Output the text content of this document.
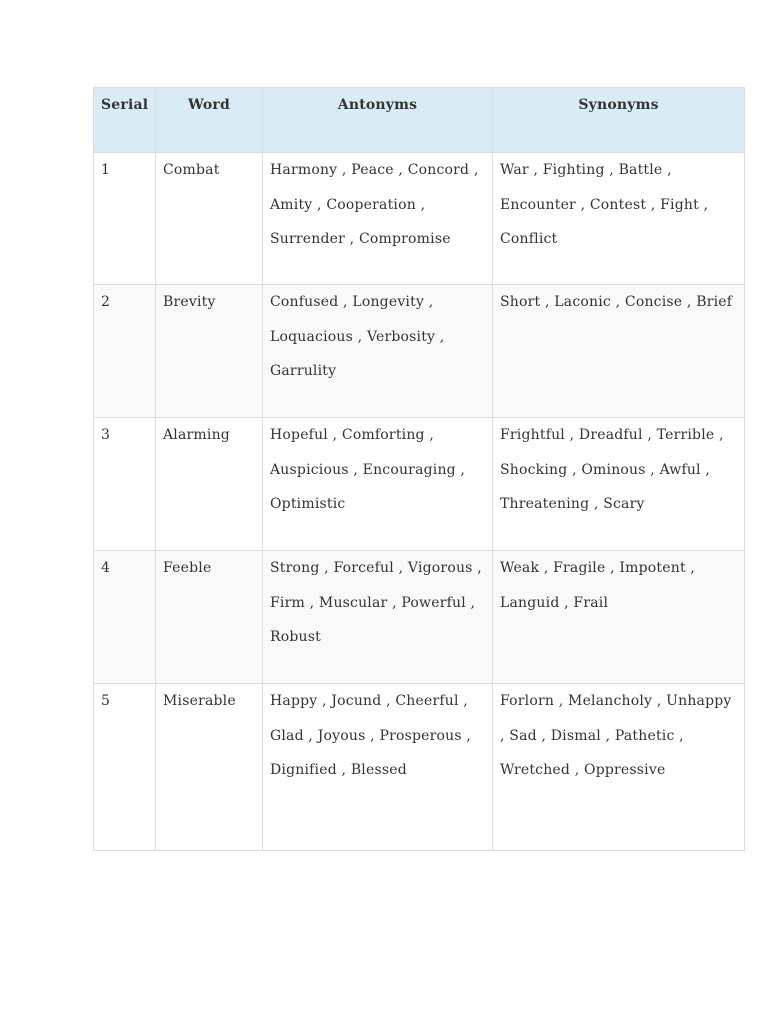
Serial	Word	Antonyms	Synonyms
1	Combat	Harmony , Peace , Concord , Amity , Cooperation , Surrender , Compromise	War , Fighting , Battle , Encounter , Contest , Fight , Conflict
2	Brevity	Confused , Longevity , Loquacious , Verbosity , Garrulity	Short , Laconic , Concise , Brief
3	Alarming	Hopeful , Comforting , Auspicious , Encouraging , Optimistic	Frightful , Dreadful , Terrible , Shocking , Ominous , Awful , Threatening , Scary
4	Feeble	Strong , Forceful , Vigorous , Firm , Muscular , Powerful , Robust	Weak , Fragile , Impotent , Languid , Frail
5	Miserable	Happy , Jocund , Cheerful , Glad , Joyous , Prosperous , Dignified , Blessed	Forlorn , Melancholy , Unhappy , Sad , Dismal , Pathetic , Wretched , Oppressive
